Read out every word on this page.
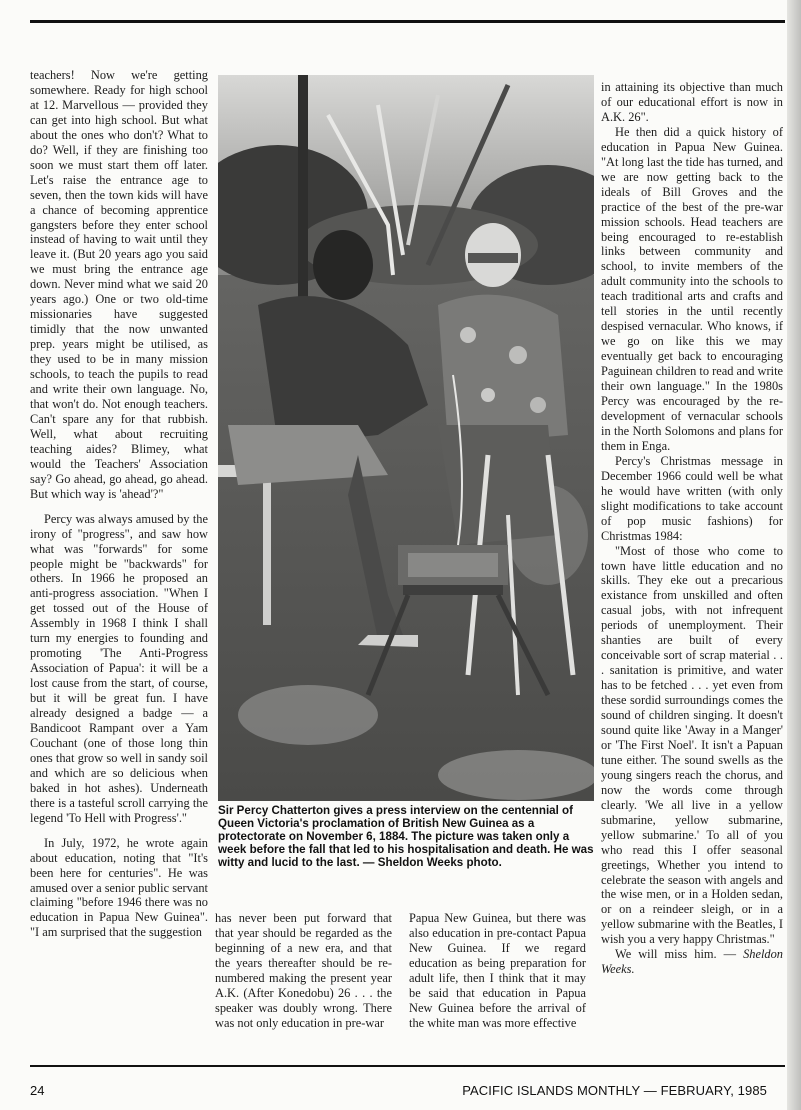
teachers! Now we're getting somewhere. Ready for high school at 12. Marvellous — provided they can get into high school. But what about the ones who don't? What to do? Well, if they are finishing too soon we must start them off later. Let's raise the entrance age to seven, then the town kids will have a chance of becoming apprentice gangsters before they enter school instead of having to wait until they leave it. (But 20 years ago you said we must bring the entrance age down. Never mind what we said 20 years ago.) One or two old-time missionaries have suggested timidly that the now unwanted prep. years might be utilised, as they used to be in many mission schools, to teach the pupils to read and write their own language. No, that won't do. Not enough teachers. Can't spare any for that rubbish. Well, what about recruiting teaching aides? Blimey, what would the Teachers' Association say? Go ahead, go ahead, go ahead. But which way is 'ahead'?"

Percy was always amused by the irony of "progress", and saw how what was "forwards" for some people might be "backwards" for others. In 1966 he proposed an anti-progress association. "When I get tossed out of the House of Assembly in 1968 I think I shall turn my energies to founding and promoting 'The Anti-Progress Association of Papua': it will be a lost cause from the start, of course, but it will be great fun. I have already designed a badge — a Bandicoot Rampant over a Yam Couchant (one of those long thin ones that grow so well in sandy soil and which are so delicious when baked in hot ashes). Underneath there is a tasteful scroll carrying the legend 'To Hell with Progress'."

In July, 1972, he wrote again about education, noting that "It's been here for centuries". He was amused over a senior public servant claiming "before 1946 there was no education in Papua New Guinea". "I am surprised that the suggestion

Sir Percy Chatterton gives a press interview on the centennial of Queen Victoria's proclamation of British New Guinea as a protectorate on November 6, 1884. The picture was taken only a week before the fall that led to his hospitalisation and death. He was witty and lucid to the last. — Sheldon Weeks photo.

has never been put forward that that year should be regarded as the beginning of a new era, and that the years thereafter should be re-numbered making the present year A.K. (After Konedobu) 26 . . . the speaker was doubly wrong. There was not only education in pre-war

Papua New Guinea, but there was also education in pre-contact Papua New Guinea. If we regard education as being preparation for adult life, then I think that it may be said that education in Papua New Guinea before the arrival of the white man was more effective

in attaining its objective than much of our educational effort is now in A.K. 26".

He then did a quick history of education in Papua New Guinea. "At long last the tide has turned, and we are now getting back to the ideals of Bill Groves and the practice of the best of the pre-war mission schools. Head teachers are being encouraged to re-establish links between community and school, to invite members of the adult community into the schools to teach traditional arts and crafts and tell stories in the until recently despised vernacular. Who knows, if we go on like this we may eventually get back to encouraging Paguinean children to read and write their own language." In the 1980s Percy was encouraged by the re-development of vernacular schools in the North Solomons and plans for them in Enga.

Percy's Christmas message in December 1966 could well be what he would have written (with only slight modifications to take account of pop music fashions) for Christmas 1984:

"Most of those who come to town have little education and no skills. They eke out a precarious existance from unskilled and often casual jobs, with not infrequent periods of unemployment. Their shanties are built of every conceivable sort of scrap material . . . sanitation is primitive, and water has to be fetched . . . yet even from these sordid surroundings comes the sound of children singing. It doesn't sound quite like 'Away in a Manger' or 'The First Noel'. It isn't a Papuan tune either. The sound swells as the young singers reach the chorus, and now the words come through clearly. 'We all live in a yellow submarine, yellow submarine, yellow submarine.' To all of you who read this I offer seasonal greetings, Whether you intend to celebrate the season with angels and the wise men, or in a Holden sedan, or on a reindeer sleigh, or in a yellow submarine with the Beatles, I wish you a very happy Christmas."

We will miss him. — Sheldon Weeks.

24	PACIFIC ISLANDS MONTHLY — FEBRUARY, 1985
